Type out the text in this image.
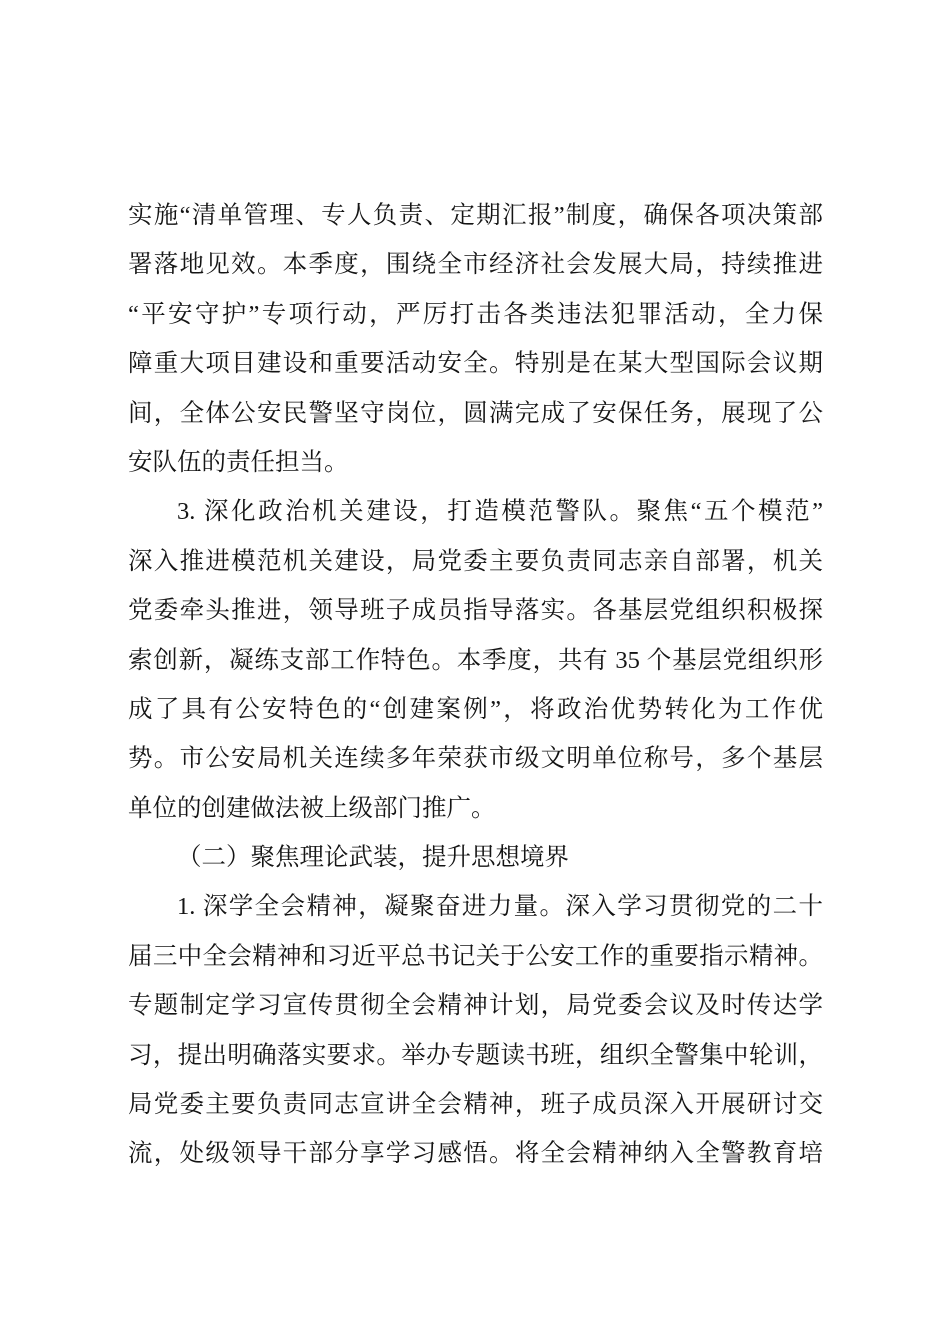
实施“清单管理、专人负责、定期汇报”制度，确保各项决策部
署落地见效。本季度，围绕全市经济社会发展大局，持续推进
“平安守护”专项行动，严厉打击各类违法犯罪活动，全力保
障重大项目建设和重要活动安全。特别是在某大型国际会议期
间，全体公安民警坚守岗位，圆满完成了安保任务，展现了公
安队伍的责任担当。
3. 深化政治机关建设，打造模范警队。聚焦“五个模范”
深入推进模范机关建设，局党委主要负责同志亲自部署，机关
党委牵头推进，领导班子成员指导落实。各基层党组织积极探
索创新，凝练支部工作特色。本季度，共有 35 个基层党组织形
成了具有公安特色的“创建案例”，将政治优势转化为工作优
势。市公安局机关连续多年荣获市级文明单位称号，多个基层
单位的创建做法被上级部门推广。
（二）聚焦理论武装，提升思想境界
1. 深学全会精神，凝聚奋进力量。深入学习贯彻党的二十
届三中全会精神和习近平总书记关于公安工作的重要指示精神。
专题制定学习宣传贯彻全会精神计划，局党委会议及时传达学
习，提出明确落实要求。举办专题读书班，组织全警集中轮训，
局党委主要负责同志宣讲全会精神，班子成员深入开展研讨交
流，处级领导干部分享学习感悟。将全会精神纳入全警教育培
